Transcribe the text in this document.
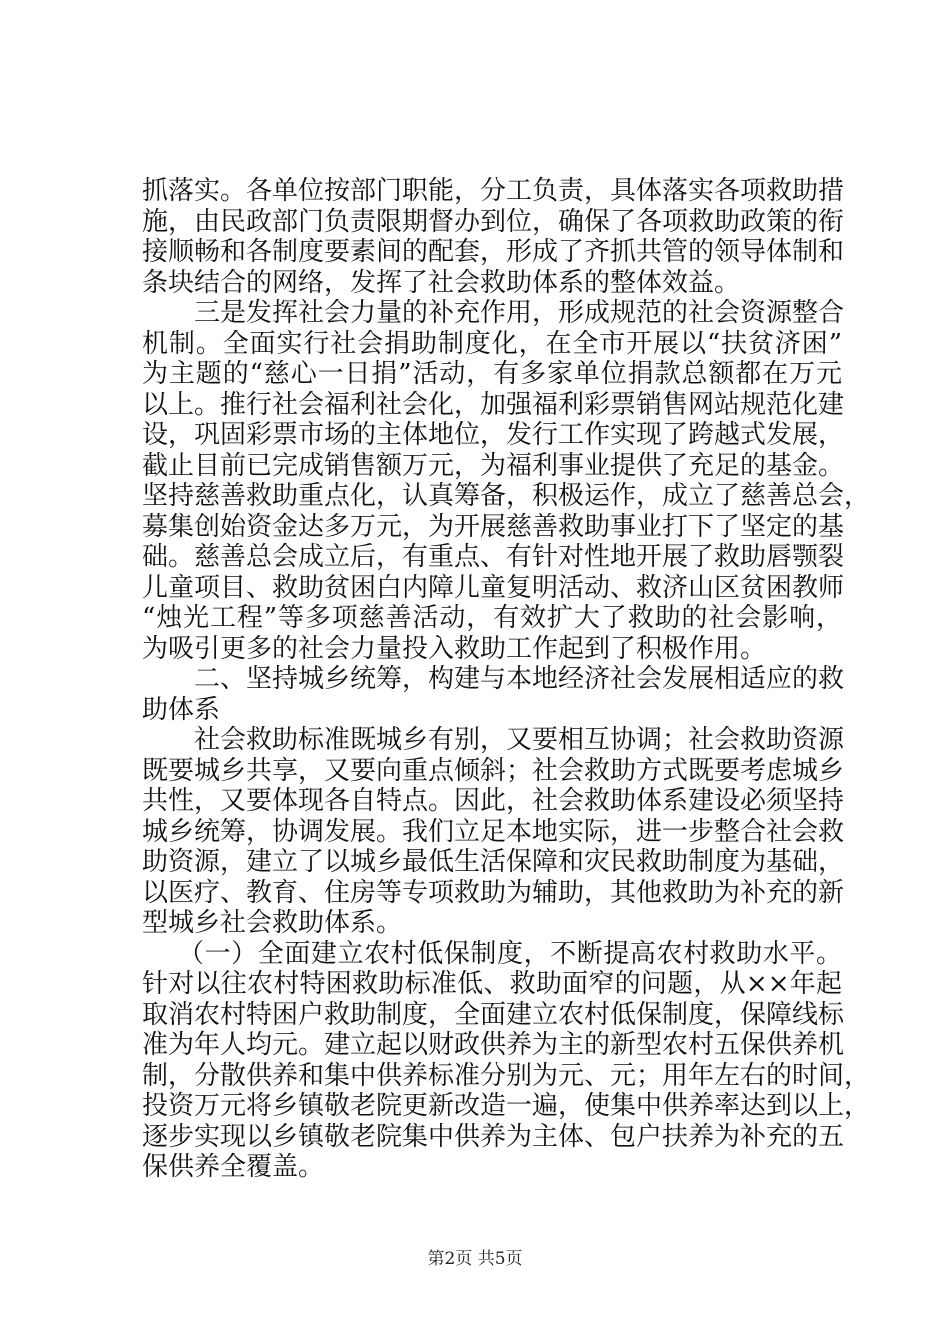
抓落实。各单位按部门职能，分工负责，具体落实各项救助措
施，由民政部门负责限期督办到位，确保了各项救助政策的衔
接顺畅和各制度要素间的配套，形成了齐抓共管的领导体制和
条块结合的网络，发挥了社会救助体系的整体效益。
三是发挥社会力量的补充作用，形成规范的社会资源整合
机制。全面实行社会捐助制度化，在全市开展以“扶贫济困”
为主题的“慈心一日捐”活动，有多家单位捐款总额都在万元
以上。推行社会福利社会化，加强福利彩票销售网站规范化建
设，巩固彩票市场的主体地位，发行工作实现了跨越式发展，
截止目前已完成销售额万元，为福利事业提供了充足的基金。
坚持慈善救助重点化，认真筹备，积极运作，成立了慈善总会，
募集创始资金达多万元，为开展慈善救助事业打下了坚定的基
础。慈善总会成立后，有重点、有针对性地开展了救助唇颚裂
儿童项目、救助贫困白内障儿童复明活动、救济山区贫困教师
“烛光工程”等多项慈善活动，有效扩大了救助的社会影响，
为吸引更多的社会力量投入救助工作起到了积极作用。
二、坚持城乡统筹，构建与本地经济社会发展相适应的救
助体系
社会救助标准既城乡有别，又要相互协调；社会救助资源
既要城乡共享，又要向重点倾斜；社会救助方式既要考虑城乡
共性，又要体现各自特点。因此，社会救助体系建设必须坚持
城乡统筹，协调发展。我们立足本地实际，进一步整合社会救
助资源，建立了以城乡最低生活保障和灾民救助制度为基础，
以医疗、教育、住房等专项救助为辅助，其他救助为补充的新
型城乡社会救助体系。
（一）全面建立农村低保制度，不断提高农村救助水平。
针对以往农村特困救助标准低、救助面窄的问题，从××年起
取消农村特困户救助制度，全面建立农村低保制度，保障线标
准为年人均元。建立起以财政供养为主的新型农村五保供养机
制，分散供养和集中供养标准分别为元、元；用年左右的时间，
投资万元将乡镇敬老院更新改造一遍，使集中供养率达到以上，
逐步实现以乡镇敬老院集中供养为主体、包户扶养为补充的五
保供养全覆盖。
第2页 共5页
